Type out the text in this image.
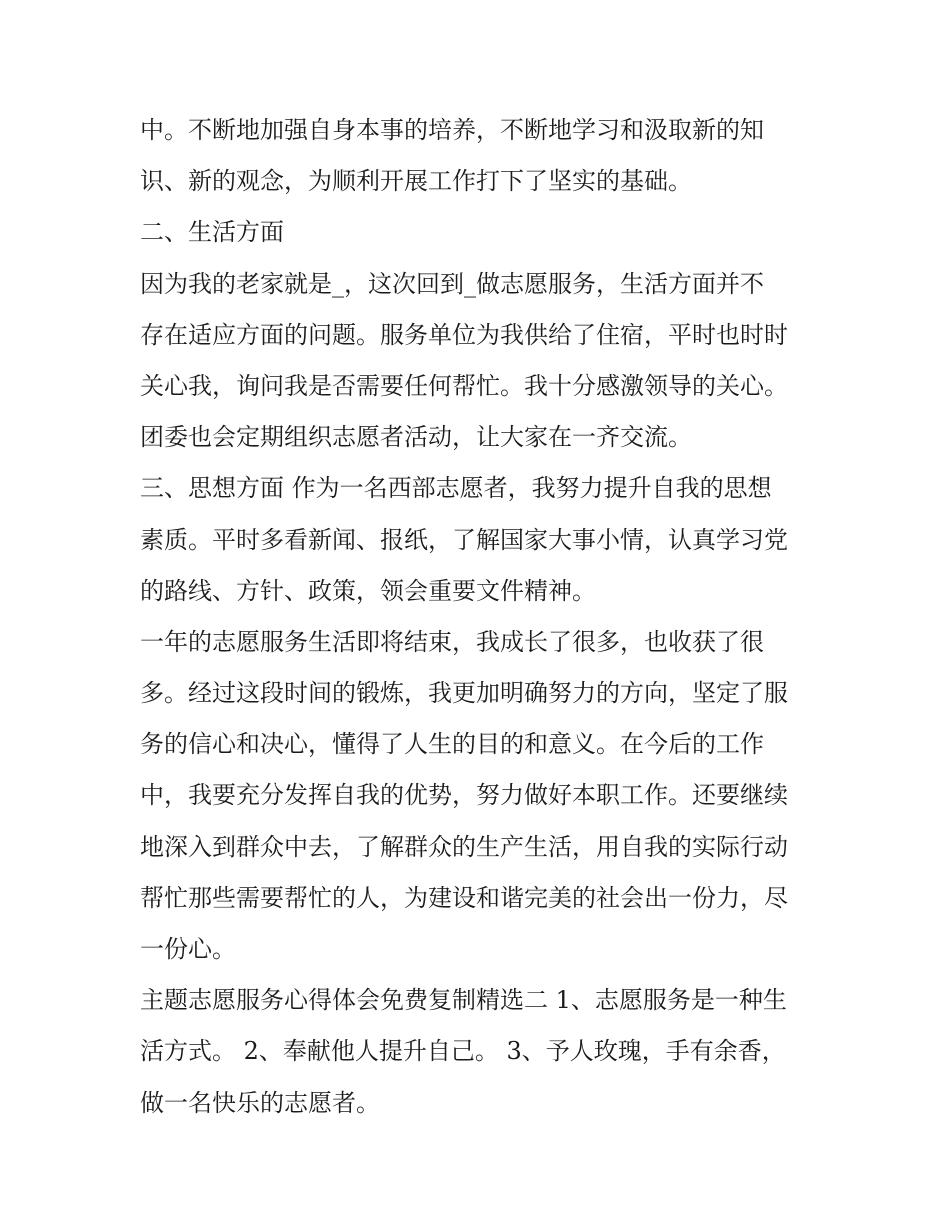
中。不断地加强自身本事的培养，不断地学习和汲取新的知
识、新的观念，为顺利开展工作打下了坚实的基础。
二、生活方面
因为我的老家就是_，这次回到_做志愿服务，生活方面并不
存在适应方面的问题。服务单位为我供给了住宿，平时也时时
关心我，询问我是否需要任何帮忙。我十分感激领导的关心。
团委也会定期组织志愿者活动，让大家在一齐交流。
三、思想方面 作为一名西部志愿者，我努力提升自我的思想
素质。平时多看新闻、报纸，了解国家大事小情，认真学习党
的路线、方针、政策，领会重要文件精神。
一年的志愿服务生活即将结束，我成长了很多，也收获了很
多。经过这段时间的锻炼，我更加明确努力的方向，坚定了服
务的信心和决心，懂得了人生的目的和意义。在今后的工作
中，我要充分发挥自我的优势，努力做好本职工作。还要继续
地深入到群众中去，了解群众的生产生活，用自我的实际行动
帮忙那些需要帮忙的人，为建设和谐完美的社会出一份力，尽
一份心。
主题志愿服务心得体会免费复制精选二 1、志愿服务是一种生
活方式。 2、奉献他人提升自己。 3、予人玫瑰，手有余香，
做一名快乐的志愿者。
